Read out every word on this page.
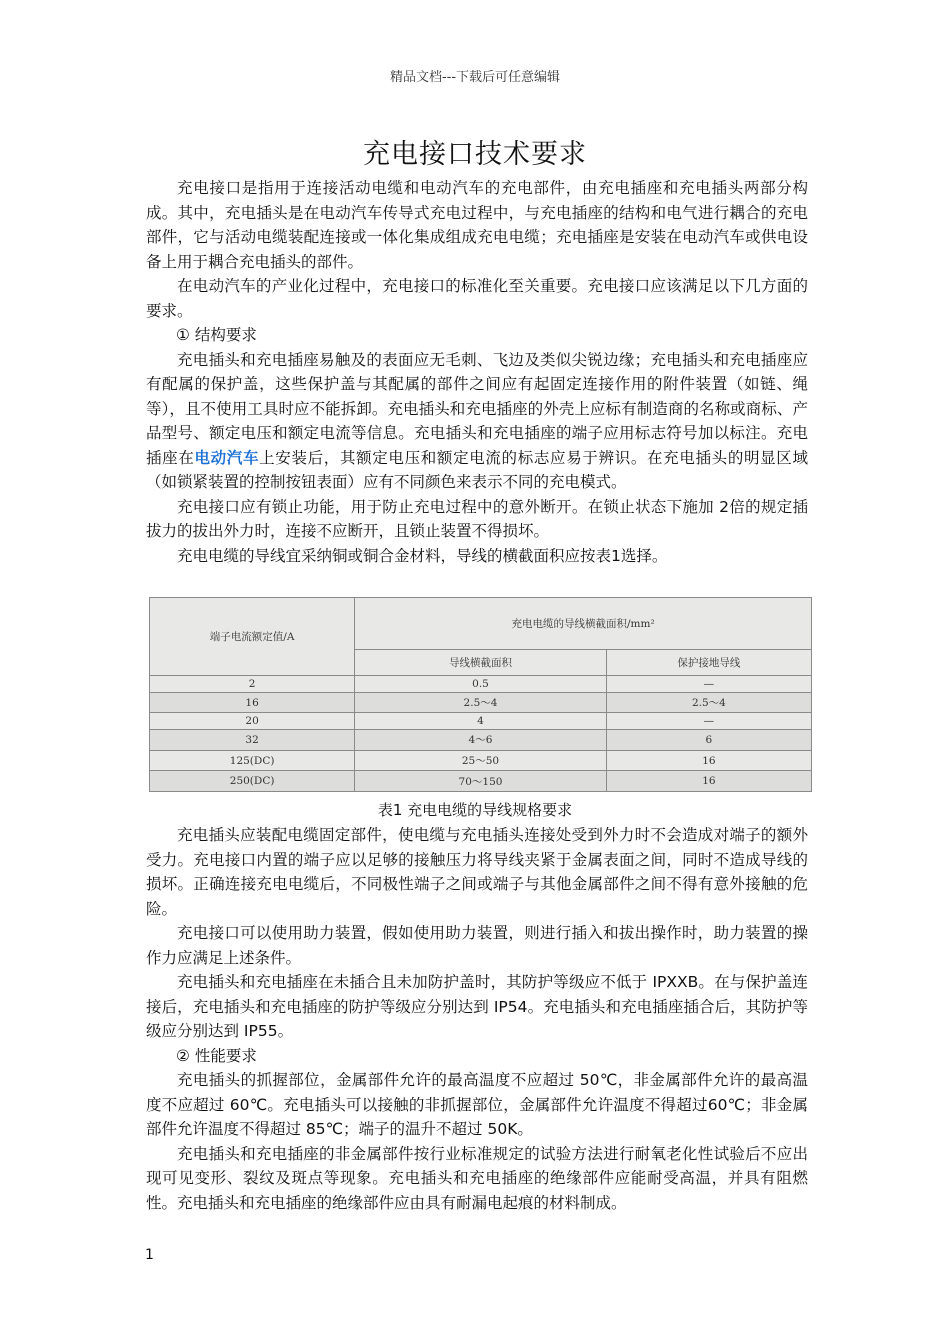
精品文档---下载后可任意编辑
充电接口技术要求

充电接口是指用于连接活动电缆和电动汽车的充电部件，由充电插座和充电插头两部分构成。其中，充电插头是在电动汽车传导式充电过程中，与充电插座的结构和电气进行耦合的充电部件，它与活动电缆装配连接或一体化集成组成充电电缆；充电插座是安装在电动汽车或供电设备上用于耦合充电插头的部件。

在电动汽车的产业化过程中，充电接口的标准化至关重要。充电接口应该满足以下几方面的要求。

① 结构要求

充电插头和充电插座易触及的表面应无毛刺、飞边及类似尖锐边缘；充电插头和充电插座应有配属的保护盖，这些保护盖与其配属的部件之间应有起固定连接作用的附件装置（如链、绳等），且不使用工具时应不能拆卸。充电插头和充电插座的外壳上应标有制造商的名称或商标、产品型号、额定电压和额定电流等信息。充电插头和充电插座的端子应用标志符号加以标注。充电插座在电动汽车上安装后，其额定电压和额定电流的标志应易于辨识。在充电插头的明显区域（如锁紧装置的控制按钮表面）应有不同颜色来表示不同的充电模式。

充电接口应有锁止功能，用于防止充电过程中的意外断开。在锁止状态下施加 2倍的规定插拔力的拔出外力时，连接不应断开，且锁止装置不得损坏。

充电电缆的导线宜采纳铜或铜合金材料，导线的横截面积应按表1选择。

端子电流额定值/A	充电电缆的导线横截面积/mm²	
	导线横截面积	保护接地导线
2	0.5	—
16	2.5～4	2.5～4
20	4	—
32	4～6	6
125(DC)	25～50	16
250(DC)	70～150	16
表1 充电电缆的导线规格要求

充电插头应装配电缆固定部件，使电缆与充电插头连接处受到外力时不会造成对端子的额外受力。充电接口内置的端子应以足够的接触压力将导线夹紧于金属表面之间，同时不造成导线的损坏。正确连接充电电缆后，不同极性端子之间或端子与其他金属部件之间不得有意外接触的危险。

充电接口可以使用助力装置，假如使用助力装置，则进行插入和拔出操作时，助力装置的操作力应满足上述条件。

充电插头和充电插座在未插合且未加防护盖时，其防护等级应不低于 IPXXB。在与保护盖连接后，充电插头和充电插座的防护等级应分别达到 IP54。充电插头和充电插座插合后，其防护等级应分别达到 IP55。

② 性能要求

充电插头的抓握部位，金属部件允许的最高温度不应超过 50℃，非金属部件允许的最高温度不应超过 60℃。充电插头可以接触的非抓握部位，金属部件允许温度不得超过60℃；非金属部件允许温度不得超过 85℃；端子的温升不超过 50K。

充电插头和充电插座的非金属部件按行业标准规定的试验方法进行耐氧老化性试验后不应出现可见变形、裂纹及斑点等现象。充电插头和充电插座的绝缘部件应能耐受高温，并具有阻燃性。充电插头和充电插座的绝缘部件应由具有耐漏电起痕的材料制成。

1
